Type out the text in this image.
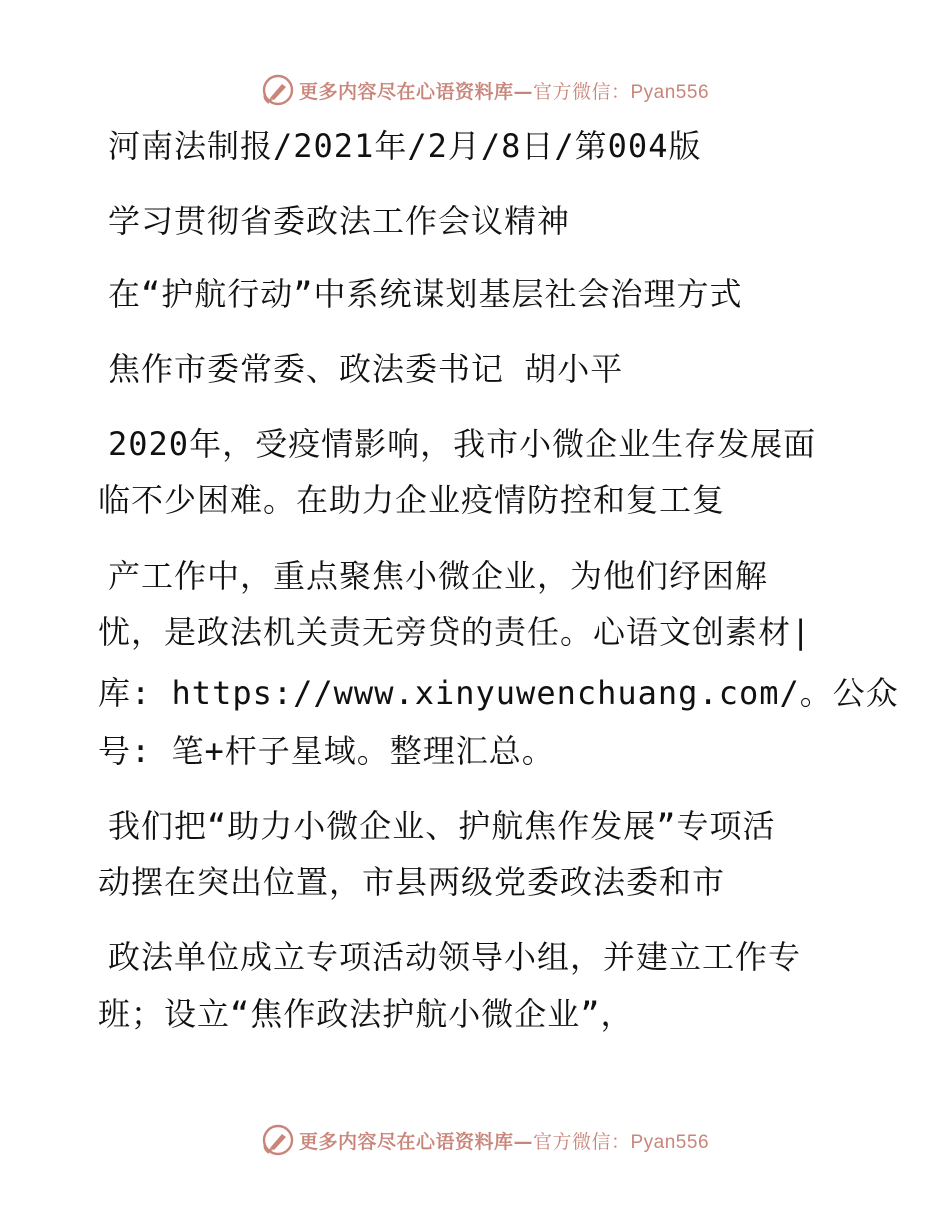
更多内容尽在心语资料库—官方微信：Pyan556
河南法制报/2021年/2月/8日/第004版
学习贯彻省委政法工作会议精神
在“护航行动”中系统谋划基层社会治理方式
焦作市委常委、政法委书记 胡小平
2020年，受疫情影响，我市小微企业生存发展面
临不少困难。在助力企业疫情防控和复工复
产工作中，重点聚焦小微企业，为他们纾困解
忧，是政法机关责无旁贷的责任。心语文创素材|
库: https://www.xinyuwenchuang.com/。公众
号: 笔+杆子星域。整理汇总。
我们把“助力小微企业、护航焦作发展”专项活
动摆在突出位置，市县两级党委政法委和市
政法单位成立专项活动领导小组，并建立工作专
班；设立“焦作政法护航小微企业”，
更多内容尽在心语资料库—官方微信：Pyan556
